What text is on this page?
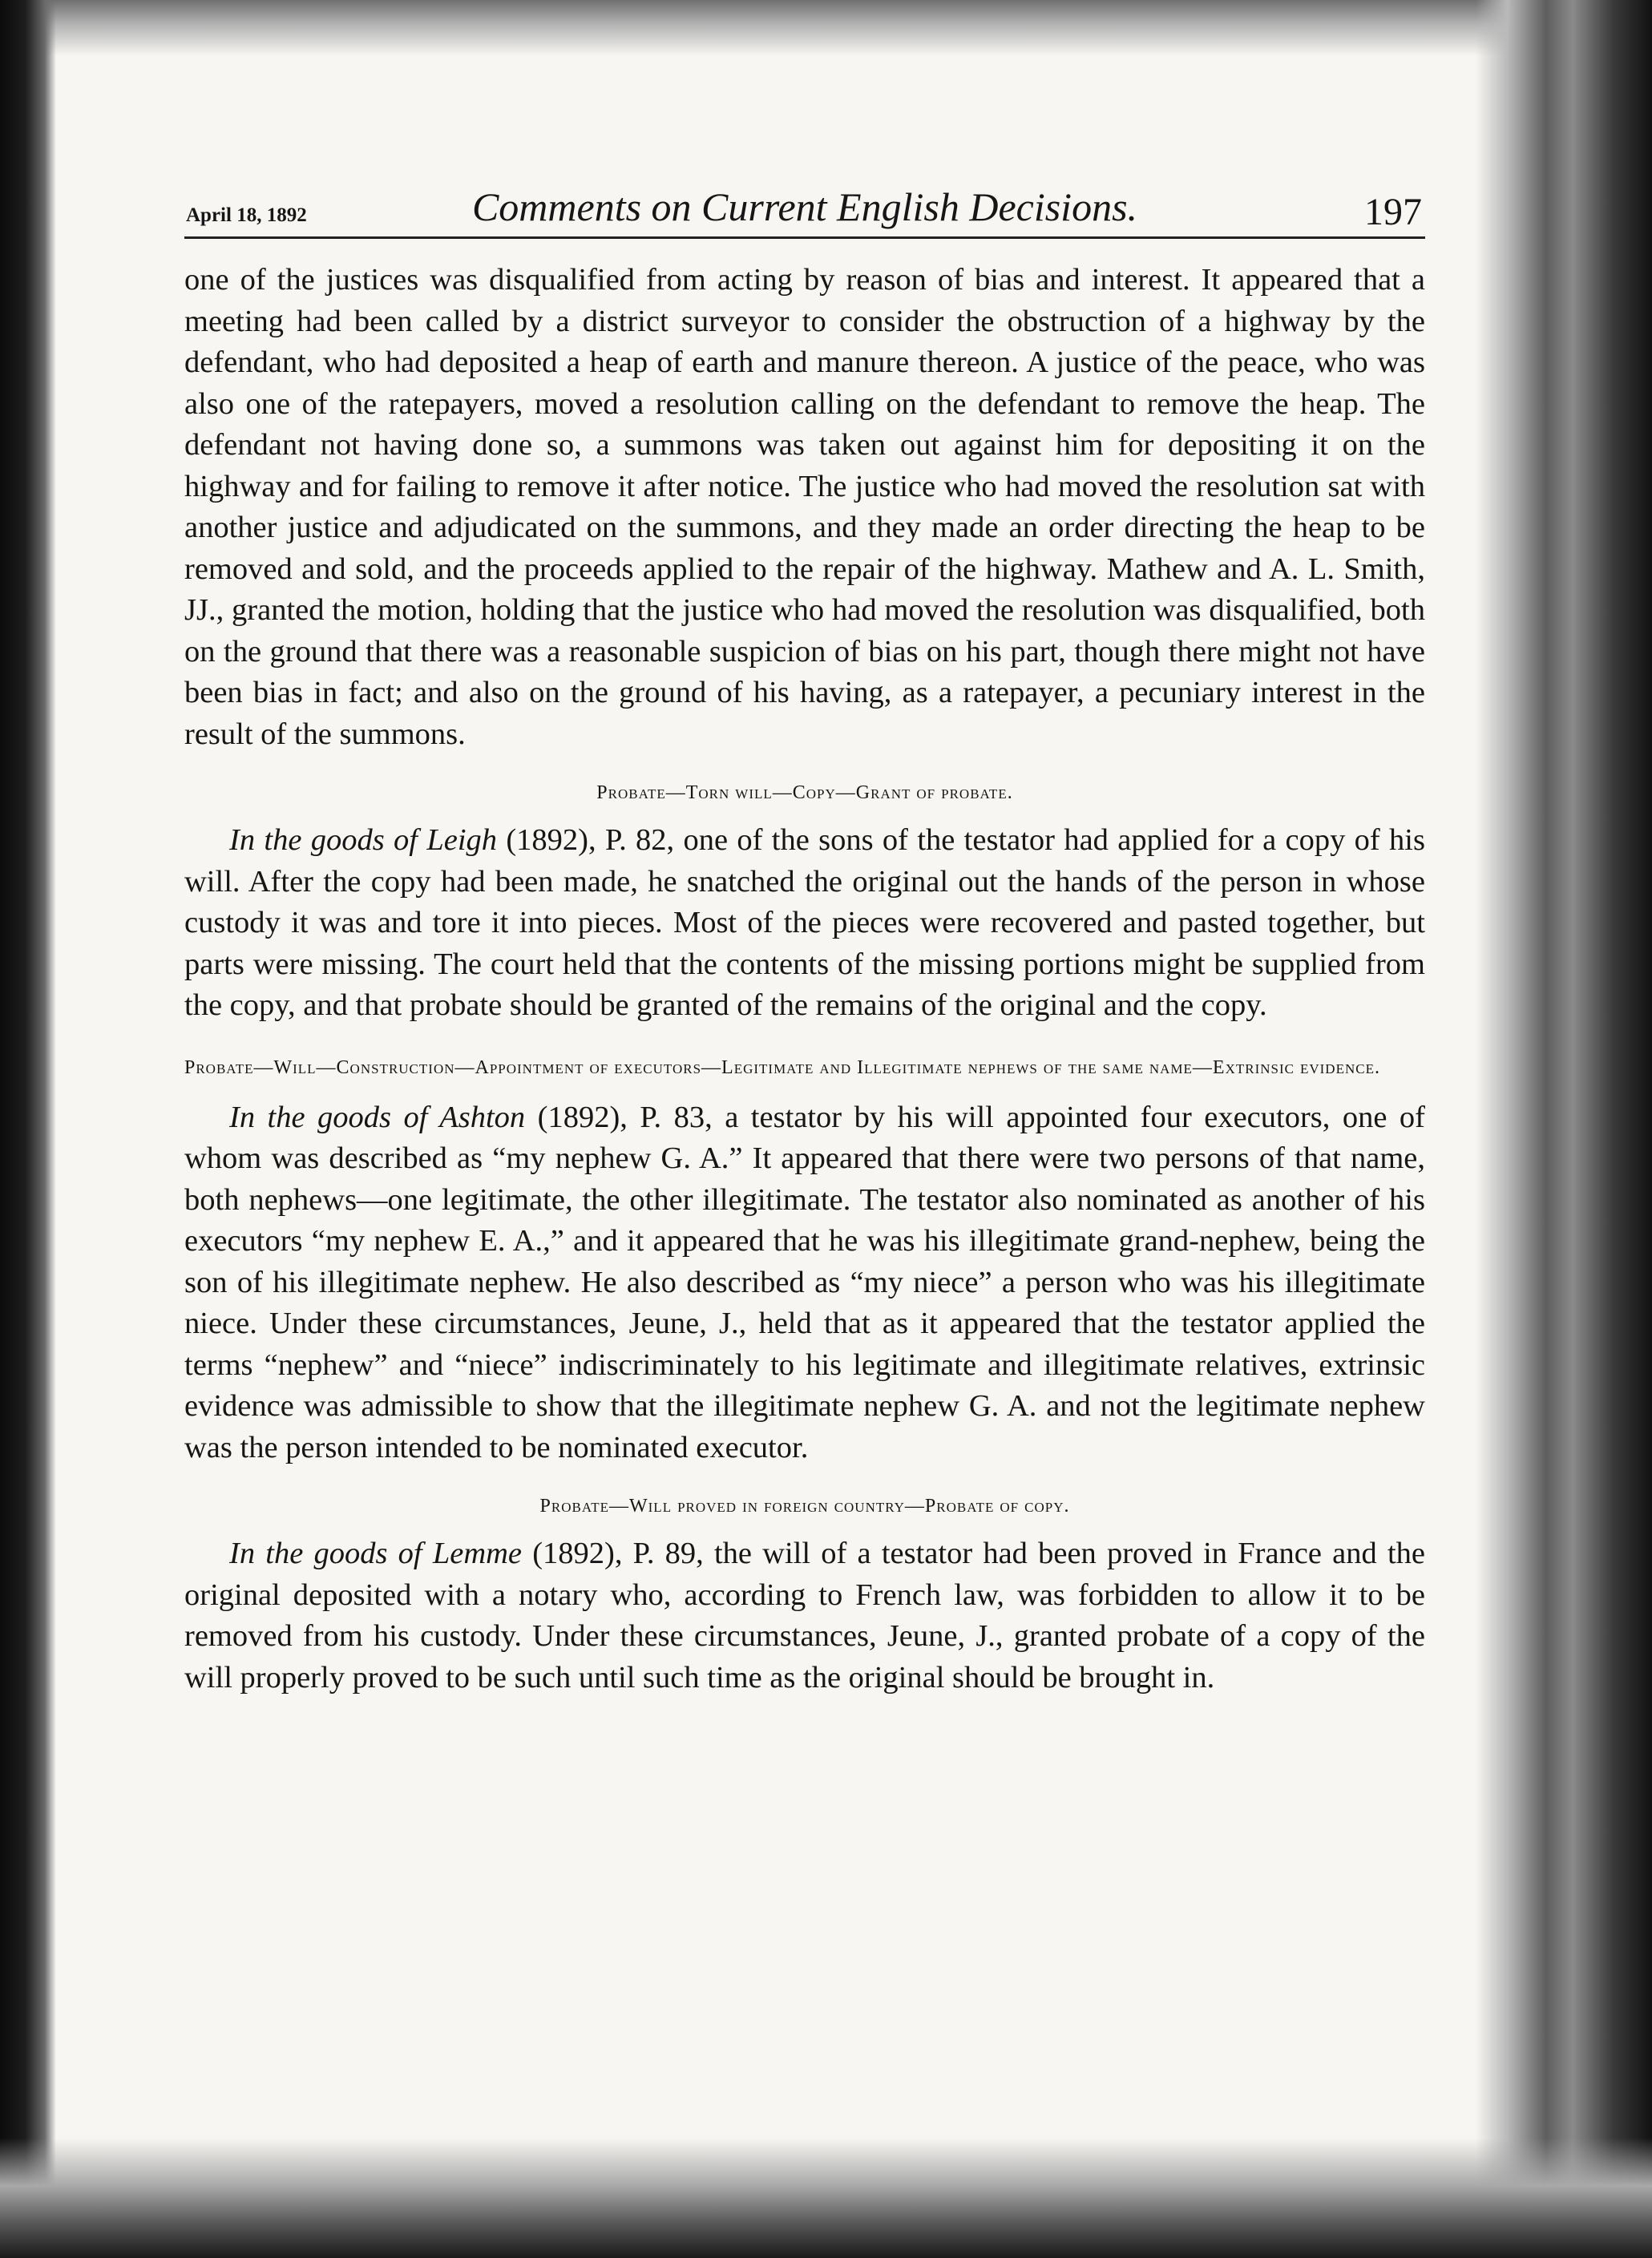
April 18, 1892	Comments on Current English Decisions.	197

one of the justices was disqualified from acting by reason of bias and interest. It appeared that a meeting had been called by a district surveyor to consider the obstruction of a highway by the defendant, who had deposited a heap of earth and manure thereon. A justice of the peace, who was also one of the ratepayers, moved a resolution calling on the defendant to remove the heap. The defendant not having done so, a summons was taken out against him for depositing it on the highway and for failing to remove it after notice. The justice who had moved the resolution sat with another justice and adjudicated on the summons, and they made an order directing the heap to be removed and sold, and the proceeds applied to the repair of the highway. Mathew and A. L. Smith, JJ., granted the motion, holding that the justice who had moved the resolution was disqualified, both on the ground that there was a reasonable suspicion of bias on his part, though there might not have been bias in fact; and also on the ground of his having, as a ratepayer, a pecuniary interest in the result of the summons.

Probate—Torn will—Copy—Grant of probate.

In the goods of Leigh (1892), P. 82, one of the sons of the testator had applied for a copy of his will. After the copy had been made, he snatched the original out the hands of the person in whose custody it was and tore it into pieces. Most of the pieces were recovered and pasted together, but parts were missing. The court held that the contents of the missing portions might be supplied from the copy, and that probate should be granted of the remains of the original and the copy.

Probate—Will—Construction—Appointment of executors—Legitimate and Illegitimate nephews of the same name—Extrinsic evidence.

In the goods of Ashton (1892), P. 83, a testator by his will appointed four executors, one of whom was described as “my nephew G. A.” It appeared that there were two persons of that name, both nephews—one legitimate, the other illegitimate. The testator also nominated as another of his executors “my nephew E. A.,” and it appeared that he was his illegitimate grand-nephew, being the son of his illegitimate nephew. He also described as “my niece” a person who was his illegitimate niece. Under these circumstances, Jeune, J., held that as it appeared that the testator applied the terms “nephew” and “niece” indiscriminately to his legitimate and illegitimate relatives, extrinsic evidence was admissible to show that the illegitimate nephew G. A. and not the legitimate nephew was the person intended to be nominated executor.

Probate—Will proved in foreign country—Probate of copy.

In the goods of Lemme (1892), P. 89, the will of a testator had been proved in France and the original deposited with a notary who, according to French law, was forbidden to allow it to be removed from his custody. Under these circumstances, Jeune, J., granted probate of a copy of the will properly proved to be such until such time as the original should be brought in.
